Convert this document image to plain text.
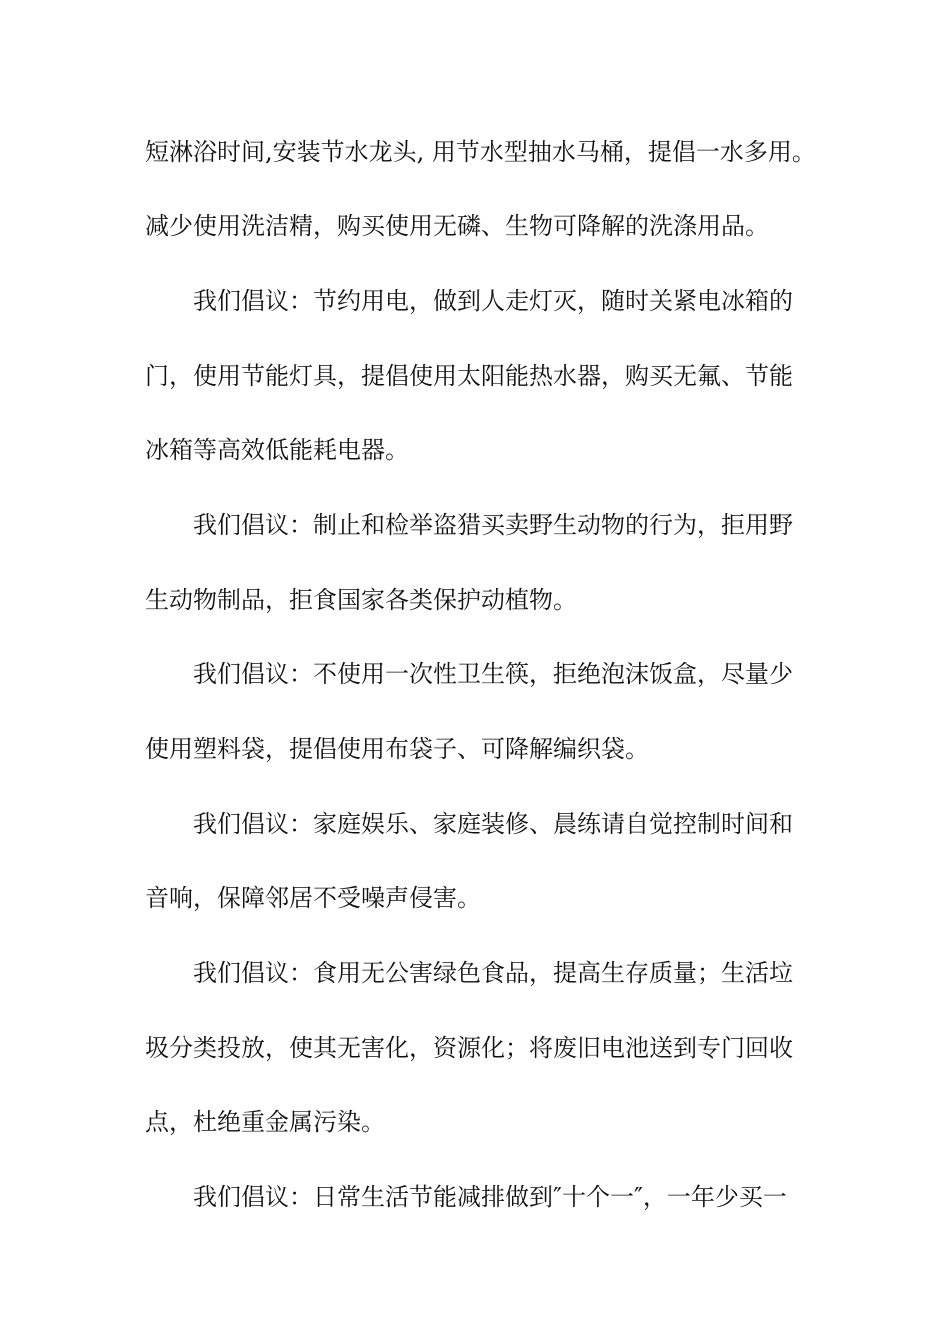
短淋浴时间,安装节水龙头, 用节水型抽水马桶，提倡一水多用。
减少使用洗洁精，购买使用无磷、生物可降解的洗涤用品。
我们倡议：节约用电，做到人走灯灭，随时关紧电冰箱的
门，使用节能灯具，提倡使用太阳能热水器，购买无氟、节能
冰箱等高效低能耗电器。
我们倡议：制止和检举盗猎买卖野生动物的行为，拒用野
生动物制品，拒食国家各类保护动植物。
我们倡议：不使用一次性卫生筷，拒绝泡沫饭盒，尽量少
使用塑料袋，提倡使用布袋子、可降解编织袋。
我们倡议：家庭娱乐、家庭装修、晨练请自觉控制时间和
音响，保障邻居不受噪声侵害。
我们倡议：食用无公害绿色食品，提高生存质量；生活垃
圾分类投放，使其无害化，资源化；将废旧电池送到专门回收
点，杜绝重金属污染。
我们倡议：日常生活节能减排做到″十个一″，一年少买一
